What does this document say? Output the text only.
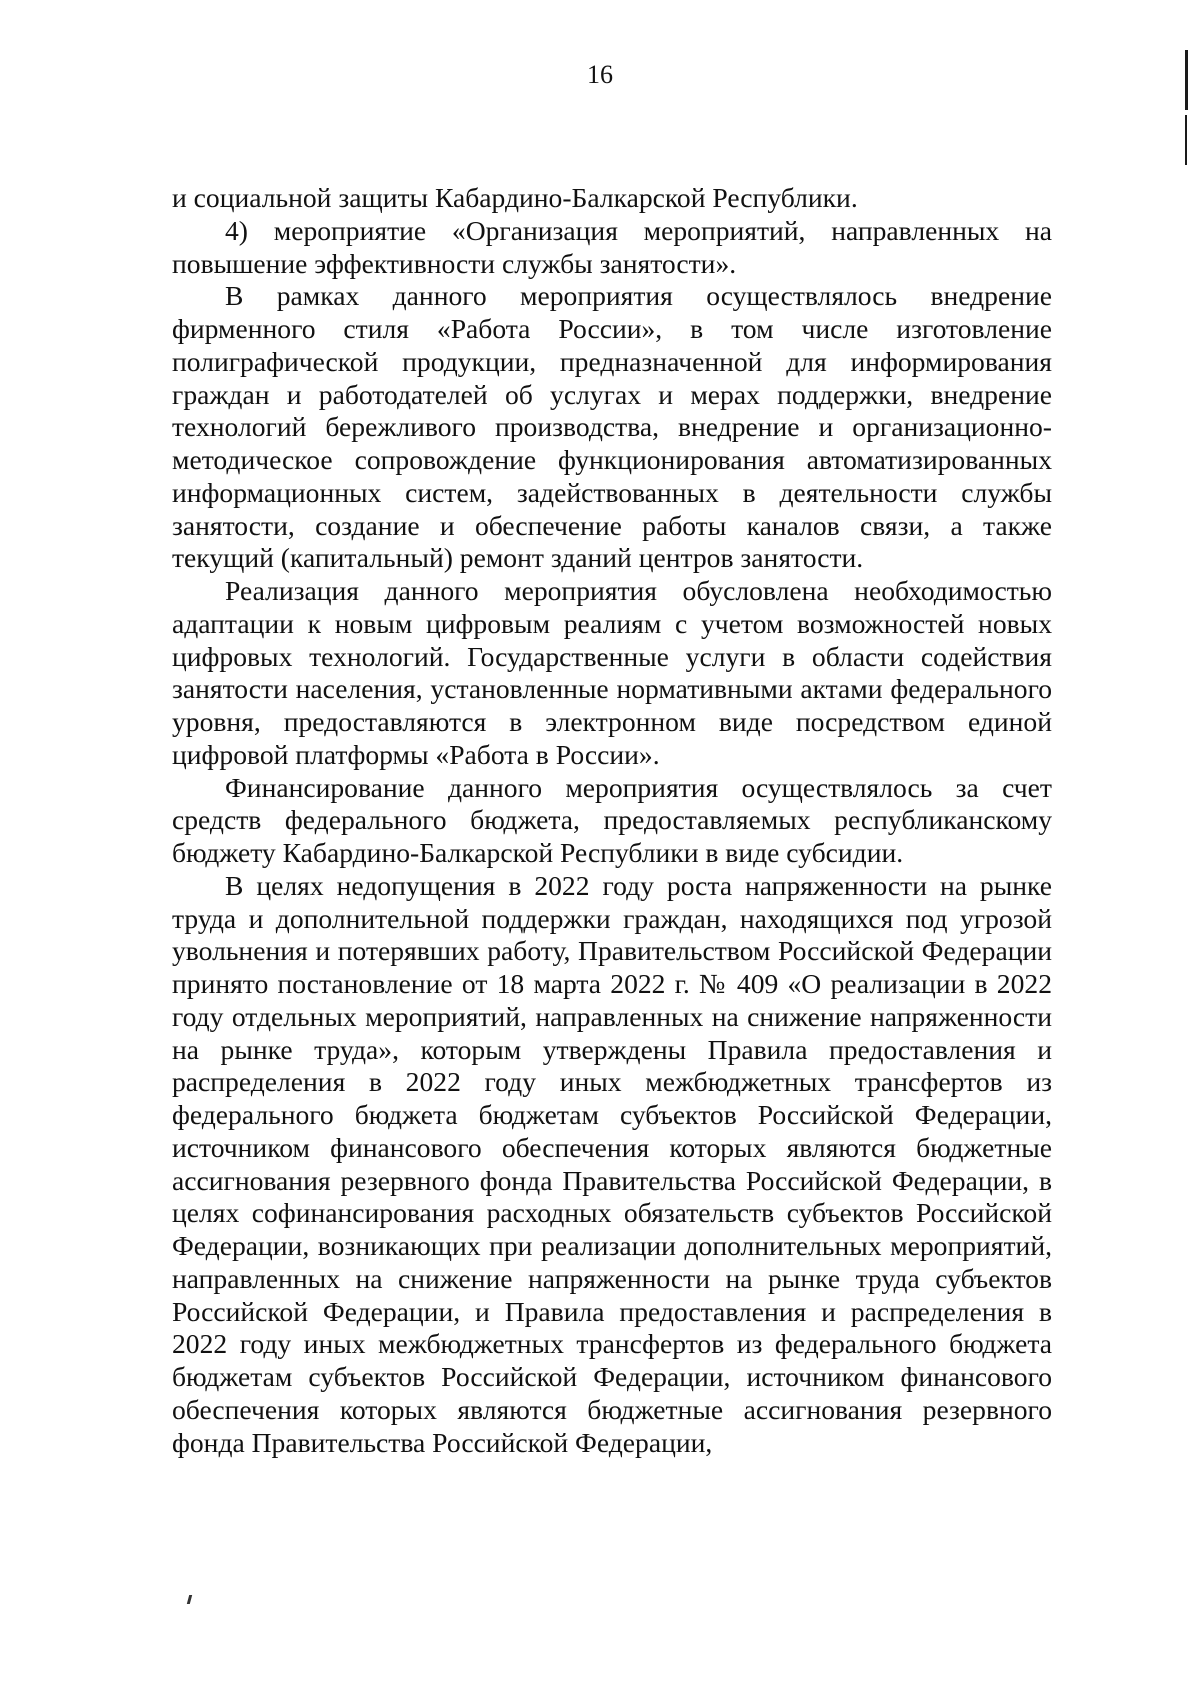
16

и социальной защиты Кабардино-Балкарской Республики.

4) мероприятие «Организация мероприятий, направленных на повышение эффективности службы занятости».

В рамках данного мероприятия осуществлялось внедрение фирменного стиля «Работа России», в том числе изготовление полиграфической продукции, предназначенной для информирования граждан и работодателей об услугах и мерах поддержки, внедрение технологий бережливого производства, внедрение и организационно-методическое сопровождение функционирования автоматизированных информационных систем, задействованных в деятельности службы занятости, создание и обеспечение работы каналов связи, а также текущий (капитальный) ремонт зданий центров занятости.

Реализация данного мероприятия обусловлена необходимостью адаптации к новым цифровым реалиям с учетом возможностей новых цифровых технологий. Государственные услуги в области содействия занятости населения, установленные нормативными актами федерального уровня, предоставляются в электронном виде посредством единой цифровой платформы «Работа в России».

Финансирование данного мероприятия осуществлялось за счет средств федерального бюджета, предоставляемых республиканскому бюджету Кабардино-Балкарской Республики в виде субсидии.

В целях недопущения в 2022 году роста напряженности на рынке труда и дополнительной поддержки граждан, находящихся под угрозой увольнения и потерявших работу, Правительством Российской Федерации принято постановление от 18 марта 2022 г. № 409 «О реализации в 2022 году отдельных мероприятий, направленных на снижение напряженности на рынке труда», которым утверждены Правила предоставления и распределения в 2022 году иных межбюджетных трансфертов из федерального бюджета бюджетам субъектов Российской Федерации, источником финансового обеспечения которых являются бюджетные ассигнования резервного фонда Правительства Российской Федерации, в целях софинансирования расходных обязательств субъектов Российской Федерации, возникающих при реализации дополнительных мероприятий, направленных на снижение напряженности на рынке труда субъектов Российской Федерации, и Правила предоставления и распределения в 2022 году иных межбюджетных трансфертов из федерального бюджета бюджетам субъектов Российской Федерации, источником финансового обеспечения которых являются бюджетные ассигнования резервного фонда Правительства Российской Федерации,
